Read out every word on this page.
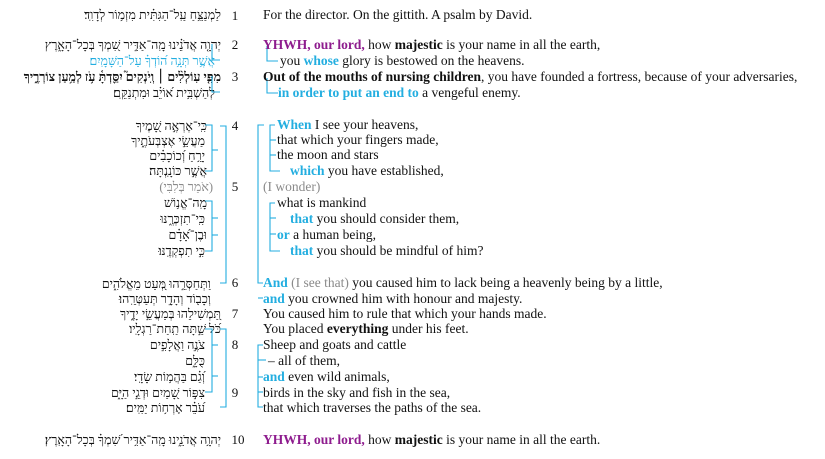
לַמְנַצֵּ֥חַ עַֽל־הַגִּתִּ֗ית מִזְמ֥וֹר לְדָוִֽד׃
יְהוָ֤ה אֲדֹנֵ֗ינוּ מָֽה־אַדִּ֣יר שִׁ֭מְךָ בְּכָל־הָאָ֑רֶץ
אֲשֶׁ֥ר תְּנָ֥ה ה֝וֹדְךָ֗ עַל־הַשָּׁמָֽיִם׃
מִפִּ֤י עֽוֹלְלִ֨ים ׀ וְֽיֹנְקִים֮ יִסַּ֪דְתָּ֫ עֹ֥ז לְמַ֥עַן צוֹרְרֶ֑יךָ
לְהַשְׁבִּ֥ית א֝וֹיֵ֗ב וּמִתְנַקֵּֽם׃
כִּֽי־אֶרְאֶ֣ה שָׁ֭מֶיךָ
מַעֲשֵׂ֣י אֶצְבְּעֹתֶ֑יךָ
יָרֵ֥חַ וְ֝כוֹכָבִ֗ים
אֲשֶׁ֣ר כּוֹנָֽנְתָּה׃
(אֹמַר בְּלִבִּי)
מָֽה־אֱנ֥וֹשׁ
כִּֽי־תִזְכְּרֶ֑נּוּ
וּבֶן־אָ֝דָ֗ם
כִּ֣י תִפְקְדֶֽנּוּ׃
וַתְּחַסְּרֵ֣הוּ מְּ֭עַט מֵאֱלֹהִ֑ים
וְכָב֖וֹד וְהָדָ֣ר תְּעַטְּרֵֽהוּ׃
תַּ֭מְשִׁילֵהוּ בְּמַעֲשֵׂ֣י יָדֶ֑יךָ
כֹּ֝ל שַׁ֣תָּה תַֽחַת־רַגְלָֽיו׃
צֹנֶ֣ה וַאֲלָפִ֣ים
כֻּלָּ֑ם
וְ֝גַ֗ם בַּהֲמ֥וֹת שָׂדָֽי׃
צִפּ֣וֹר שָׁ֭מַיִם וּדְגֵ֣י הַיָּ֑ם
עֹ֝בֵ֗ר אָרְח֥וֹת יַמִּֽים׃
יְהוָ֥ה אֲדֹנֵ֑ינוּ מָֽה־אַדִּ֥יר שִׁ֝מְךָ֗ בְּכָל־הָאָֽרֶץ׃
1
2
3
4
5
6
7
8
9
10
For the director. On the gittith. A psalm by David.
YHWH, our lord, how majestic is your name in all the earth,
you whose glory is bestowed on the heavens.
Out of the mouths of nursing children, you have founded a fortress, because of your adversaries,
in order to put an end to a vengeful enemy.
When I see your heavens,
that which your fingers made,
the moon and stars
which you have established,
(I wonder)
what is mankind
that you should consider them,
or a human being,
that you should be mindful of him?
And (I see that) you caused him to lack being a heavenly being by a little,
and you crowned him with honour and majesty.
You caused him to rule that which your hands made.
You placed everything under his feet.
Sheep and goats and cattle
– all of them,
and even wild animals,
birds in the sky and fish in the sea,
that which traverses the paths of the sea.
YHWH, our lord, how majestic is your name in all the earth.
